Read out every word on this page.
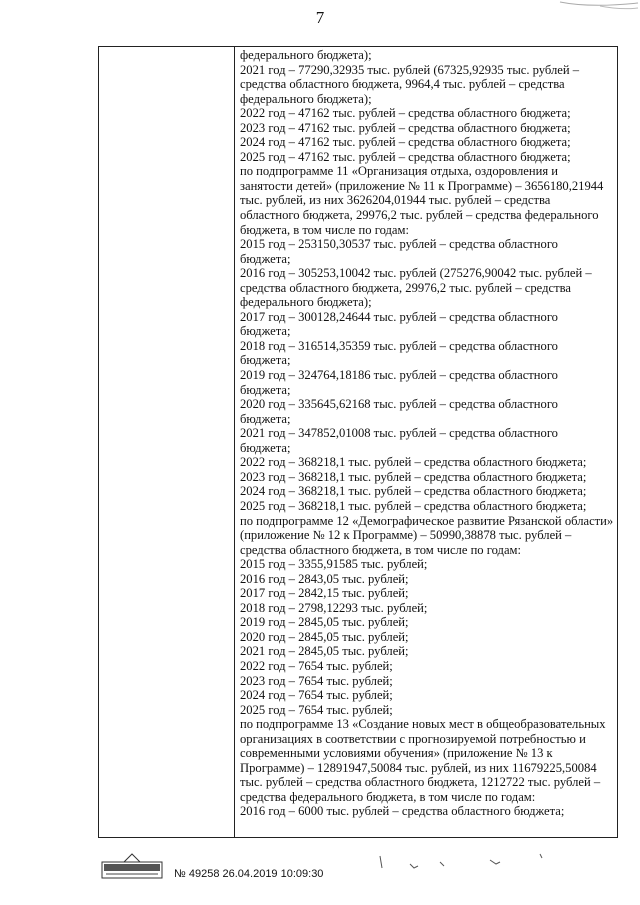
7
федерального бюджета);
2021 год – 77290,32935 тыс. рублей (67325,92935 тыс. рублей –
средства областного бюджета, 9964,4 тыс. рублей – средства
федерального бюджета);
2022 год – 47162 тыс. рублей – средства областного бюджета;
2023 год – 47162 тыс. рублей – средства областного бюджета;
2024 год – 47162 тыс. рублей – средства областного бюджета;
2025 год – 47162 тыс. рублей – средства областного бюджета;
по подпрограмме 11 «Организация отдыха, оздоровления и
занятости детей» (приложение № 11 к Программе) – 3656180,21944
тыс. рублей, из них 3626204,01944 тыс. рублей – средства
областного бюджета, 29976,2 тыс. рублей – средства федерального
бюджета, в том числе по годам:
2015 год – 253150,30537 тыс. рублей – средства областного
бюджета;
2016 год – 305253,10042 тыс. рублей (275276,90042 тыс. рублей –
средства областного бюджета, 29976,2 тыс. рублей – средства
федерального бюджета);
2017 год – 300128,24644 тыс. рублей – средства областного
бюджета;
2018 год – 316514,35359 тыс. рублей – средства областного
бюджета;
2019 год – 324764,18186 тыс. рублей – средства областного
бюджета;
2020 год – 335645,62168 тыс. рублей – средства областного
бюджета;
2021 год – 347852,01008 тыс. рублей – средства областного
бюджета;
2022 год – 368218,1 тыс. рублей – средства областного бюджета;
2023 год – 368218,1 тыс. рублей – средства областного бюджета;
2024 год – 368218,1 тыс. рублей – средства областного бюджета;
2025 год – 368218,1 тыс. рублей – средства областного бюджета;
по подпрограмме 12 «Демографическое развитие Рязанской области»
(приложение № 12 к Программе) – 50990,38878 тыс. рублей –
средства областного бюджета, в том числе по годам:
2015 год – 3355,91585 тыс. рублей;
2016 год – 2843,05 тыс. рублей;
2017 год – 2842,15 тыс. рублей;
2018 год – 2798,12293 тыс. рублей;
2019 год – 2845,05 тыс. рублей;
2020 год – 2845,05 тыс. рублей;
2021 год – 2845,05 тыс. рублей;
2022 год – 7654 тыс. рублей;
2023 год – 7654 тыс. рублей;
2024 год – 7654 тыс. рублей;
2025 год – 7654 тыс. рублей;
по подпрограмме 13 «Создание новых мест в общеобразовательных
организациях в соответствии с прогнозируемой потребностью и
современными условиями обучения» (приложение № 13 к
Программе) – 12891947,50084 тыс. рублей, из них 11679225,50084
тыс. рублей – средства областного бюджета, 1212722 тыс. рублей –
средства федерального бюджета, в том числе по годам:
2016 год – 6000 тыс. рублей – средства областного бюджета;
№ 49258 26.04.2019 10:09:30
